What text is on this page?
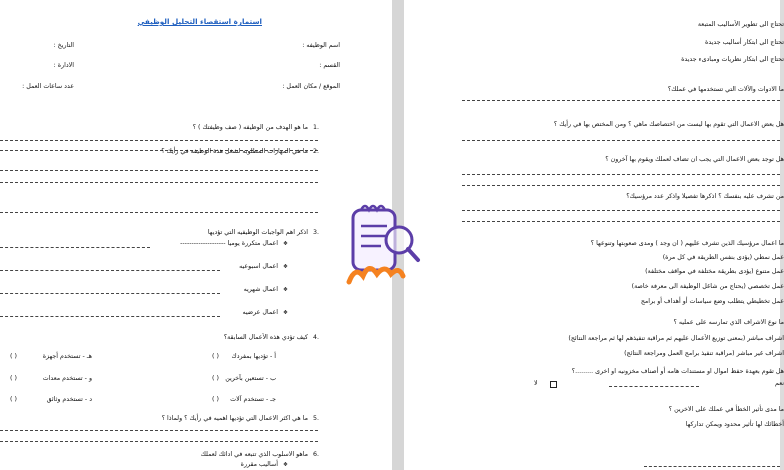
استمارة استقصاء التحليل الوظيفي
اسم الوظيفه :
التاريخ :
القسم :
الادارة :
الموقع / مكان العمل :
عدد ساعات العمل :
1.
ما هو الهدف من الوظيفه ( صف وظيفتك ) ؟
2.
ما هي المهارات المطلوبه لشغل هذة الوظيفه في رأيك ؟
3.
اذكر اهم الواجبات الوظيفيه التي تؤديها
❖
اعمال متكررة يوميا --------------------
❖
اعمال اسبوعيه
❖
اعمال شهريه
❖
اعمال عرضيه
4.
كيف تؤدي هذه الأعمال السابقة؟
أ - تؤديها بمفردك
( )
هـ - تستخدم أجهزة
( )
ب - تستعين بآخرين
( )
و - تستخدم معدات
( )
جـ - تستخدم آلات
( )
د - تستخدم وثائق
( )
5.
ما هي اكثر الاعمال التي تؤديها اهميه في رأيك ؟ ولماذا ؟
6.
ماهو الاسلوب الذي تتبعه في ادائك لعملك
❖
أساليب مقررة
تحتاج الى تطوير الأساليب المتبعة
تحتاج الى ابتكار أساليب جديدة
تحتاج الى ابتكار نظريات ومبادىء جديدة
ما الادوات والألات التي تستخدمها في عملك؟
هل بعض الاعمال التي تقوم بها ليست من اختصاصك ماهي ؟ ومن المختص بها في رأيك ؟
هل توجد بعض الاعمال التي يجب ان تضاف لعملك ويقوم بها آخرون ؟
من تشرف عليه بنفسك ؟ اذكرها تفصيلا واذكر عدد مرؤسيك؟
ما اعمال مرؤسيك الذين تشرف عليهم ( ان وجد ) ومدى صعوبتها وتنوعها ؟
عمل نمطي (يؤدى بنفس الطريقة في كل مرة)
عمل متنوع (يؤدى بطريقة مختلفة في مواقف مختلفة)
عمل تخصصي (يحتاج من شاغل الوظيفة الى معرفة خاصة)
عمل تخطيطي يتطلب وضع سياسات أو أهداف أو برامج
ما نوع الاشراف الذي تمارسه على عمليه ؟
اشراف مباشر (بمعنى توزيع الأعمال عليهم ثم مراقبة تنفيذهم لها ثم مراجعة النتائج)
اشراف غير مباشر (مراقبة تنفيذ برامج العمل ومراجعة النتائج)
هل تقوم بعهدة حفظ اموال او مستندات هامه أو أصناف مخزونيه او اخرى .........؟
نعم
لا
ما مدى تأثير الخطأ في عملك على الاخرين ؟
أخطائك لها تأثير محدود ويمكن تداركها
